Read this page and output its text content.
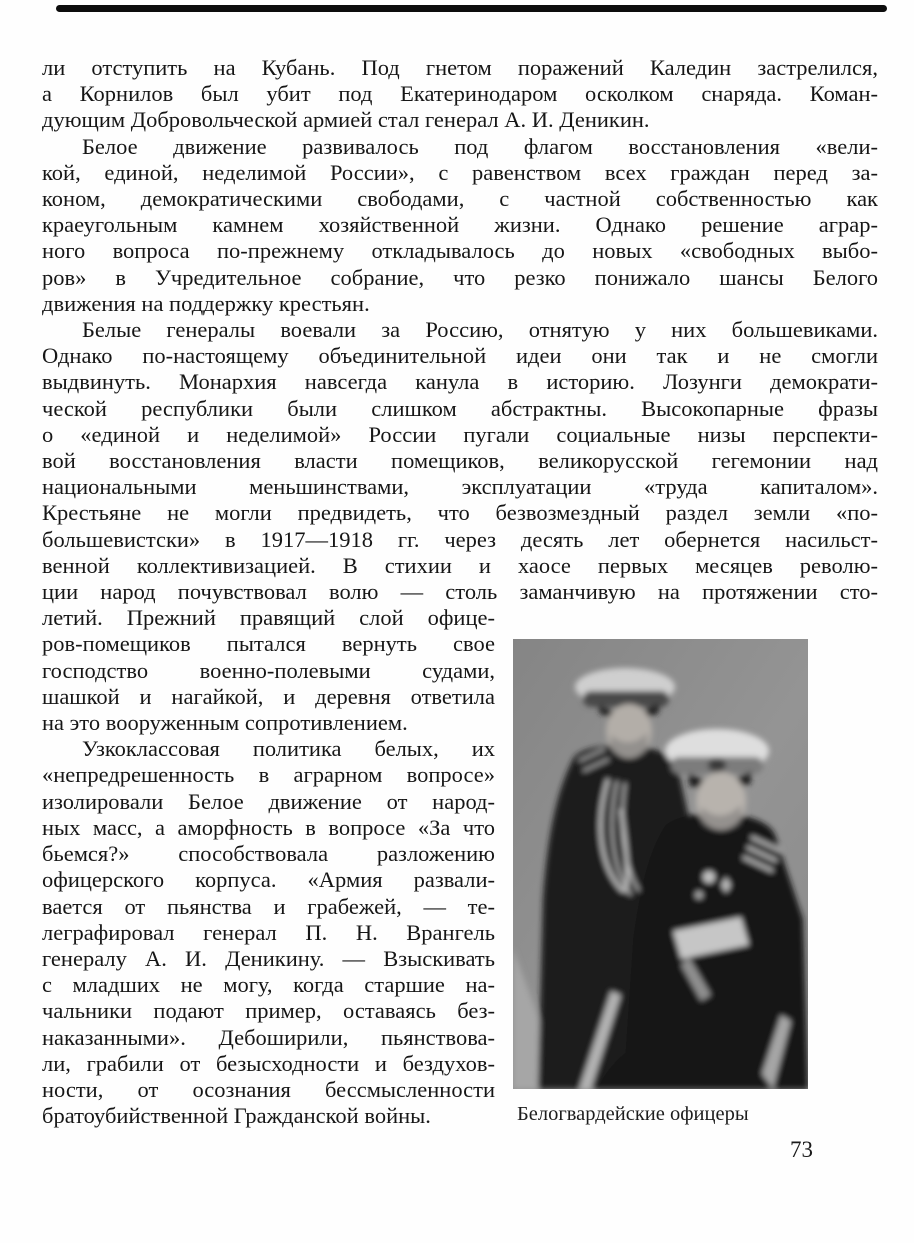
ли отступить на Кубань. Под гнетом поражений Каледин застрелился,
а Корнилов был убит под Екатеринодаром осколком снаряда. Коман-
дующим Добровольческой армией стал генерал А. И. Деникин.
Белое движение развивалось под флагом восстановления «вели-
кой, единой, неделимой России», с равенством всех граждан перед за-
коном, демократическими свободами, с частной собственностью как
краеугольным камнем хозяйственной жизни. Однако решение аграр-
ного вопроса по-прежнему откладывалось до новых «свободных выбо-
ров» в Учредительное собрание, что резко понижало шансы Белого
движения на поддержку крестьян.
Белые генералы воевали за Россию, отнятую у них большевиками.
Однако по-настоящему объединительной идеи они так и не смогли
выдвинуть. Монархия навсегда канула в историю. Лозунги демократи-
ческой республики были слишком абстрактны. Высокопарные фразы
о «единой и неделимой» России пугали социальные низы перспекти-
вой восстановления власти помещиков, великорусской гегемонии над
национальными меньшинствами, эксплуатации «труда капиталом».
Крестьяне не могли предвидеть, что безвозмездный раздел земли «по-
большевистски» в 1917—1918 гг. через десять лет обернется насильст-
венной коллективизацией. В стихии и хаосе первых месяцев револю-
ции народ почувствовал волю — столь заманчивую на протяжении сто-
летий. Прежний правящий слой офице-
ров-помещиков пытался вернуть свое
господство военно-полевыми судами,
шашкой и нагайкой, и деревня ответила
на это вооруженным сопротивлением.
Узкоклассовая политика белых, их
«непредрешенность в аграрном вопросе»
изолировали Белое движение от народ-
ных масс, а аморфность в вопросе «За что
бьемся?» способствовала разложению
офицерского корпуса. «Армия развали-
вается от пьянства и грабежей, — те-
леграфировал генерал П. Н. Врангель
генералу А. И. Деникину. — Взыскивать
с младших не могу, когда старшие на-
чальники подают пример, оставаясь без-
наказанными». Дебоширили, пьянствова-
ли, грабили от безысходности и бездухов-
ности, от осознания бессмысленности
братоубийственной Гражданской войны.	Белогвардейские офицеры
73
